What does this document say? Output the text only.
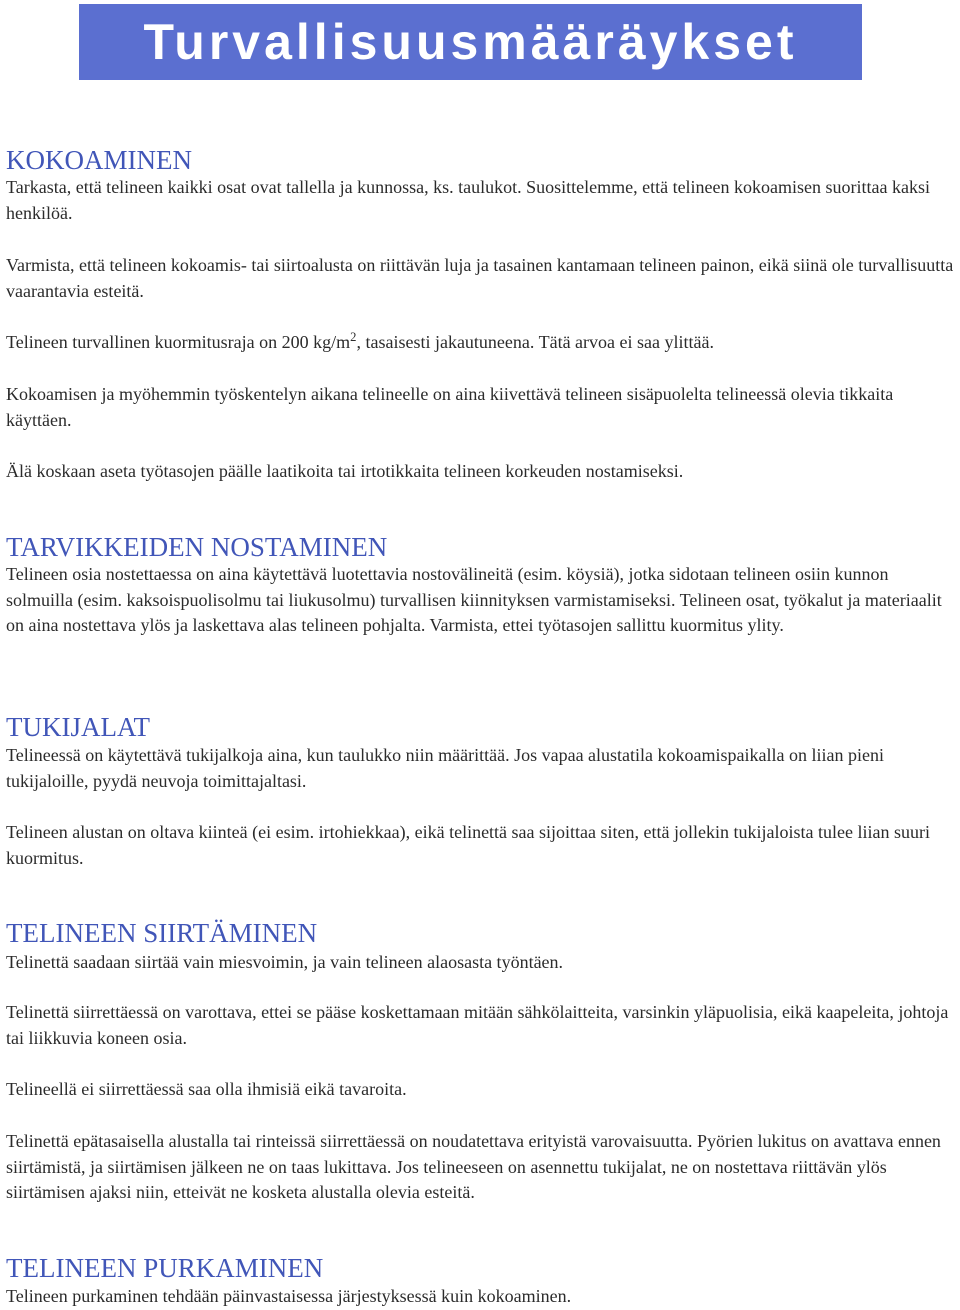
Turvallisuusmääräykset
KOKOAMINEN

Tarkasta, että telineen kaikki osat ovat tallella ja kunnossa, ks. taulukot. Suosittelemme, että telineen kokoamisen suorittaa kaksi henkilöä.

Varmista, että telineen kokoamis- tai siirtoalusta on riittävän luja ja tasainen kantamaan telineen painon, eikä siinä ole turvallisuutta vaarantavia esteitä.

Telineen turvallinen kuormitusraja on 200 $kg/m^2$, tasaisesti jakautuneena. Tätä arvoa ei saa ylittää.

Kokoamisen ja myöhemmin työskentelyn aikana telineelle on aina kiivettävä telineen sisäpuolelta telineessä olevia tikkaita käyttäen.

Älä koskaan aseta työtasojen päälle laatikoita tai irtotikkaita telineen korkeuden nostamiseksi.

TARVIKKEIDEN NOSTAMINEN

Telineen osia nostettaessa on aina käytettävä luotettavia nostovälineitä (esim. köysiä), jotka sidotaan telineen osiin kunnon solmuilla (esim. kaksoispuolisolmu tai liukusolmu) turvallisen kiinnityksen varmistamiseksi. Telineen osat, työkalut ja materiaalit on aina nostettava ylös ja laskettava alas telineen pohjalta. Varmista, ettei työtasojen sallittu kuormitus ylity.

TUKIJALAT

Telineessä on käytettävä tukijalkoja aina, kun taulukko niin määrittää. Jos vapaa alustatila kokoamispaikalla on liian pieni tukijaloille, pyydä neuvoja toimittajaltasi.

Telineen alustan on oltava kiinteä (ei esim. irtohiekkaa), eikä telinettä saa sijoittaa siten, että jollekin tukijaloista tulee liian suuri kuormitus.

TELINEEN SIIRTÄMINEN

Telinettä saadaan siirtää vain miesvoimin, ja vain telineen alaosasta työntäen.

Telinettä siirrettäessä on varottava, ettei se pääse koskettamaan mitään sähkölaitteita, varsinkin yläpuolisia, eikä kaapeleita, johtoja tai liikkuvia koneen osia.

Telineellä ei siirrettäessä saa olla ihmisiä eikä tavaroita.

Telinettä epätasaisella alustalla tai rinteissä siirrettäessä on noudatettava erityistä varovaisuutta. Pyörien lukitus on avattava ennen siirtämistä, ja siirtämisen jälkeen ne on taas lukittava. Jos telineeseen on asennettu tukijalat, ne on nostettava riittävän ylös siirtämisen ajaksi niin, etteivät ne kosketa alustalla olevia esteitä.

TELINEEN PURKAMINEN

Telineen purkaminen tehdään päinvastaisessa järjestyksessä kuin kokoaminen.
